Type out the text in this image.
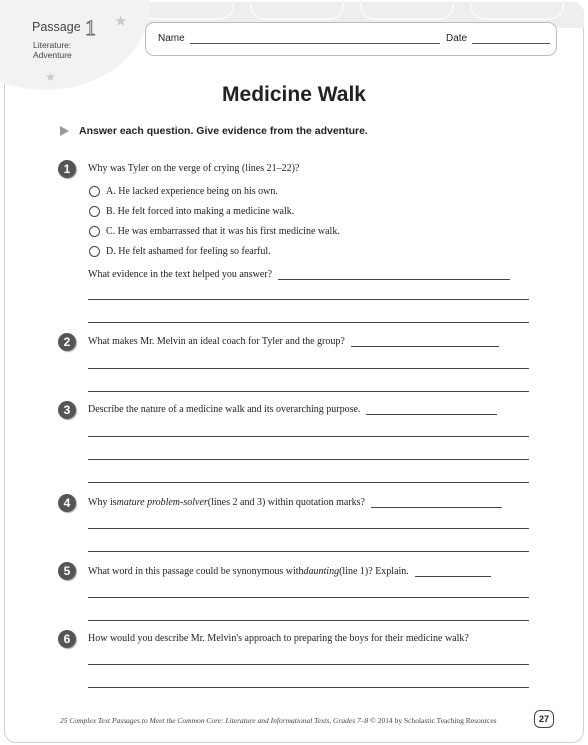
Passage 1
Literature:
Adventure
★
★
Name	Date
Medicine Walk
Answer each question. Give evidence from the adventure.
1	Why was Tyler on the verge of crying (lines 21–22)?
A. He lacked experience being on his own.
B. He felt forced into making a medicine walk.
C. He was embarrassed that it was his first medicine walk.
D. He felt ashamed for feeling so fearful.
What evidence in the text helped you answer?
2	What makes Mr. Melvin an ideal coach for Tyler and the group?
3	Describe the nature of a medicine walk and its overarching purpose.
4	Why is mature problem-solver (lines 2 and 3) within quotation marks?
5	What word in this passage could be synonymous with daunting (line 1)? Explain.
6	How would you describe Mr. Melvin's approach to preparing the boys for their medicine walk?
25 Complex Text Passages to Meet the Common Core: Literature and Informational Texts, Grades 7–8 © 2014 by Scholastic Teaching Resources	27
